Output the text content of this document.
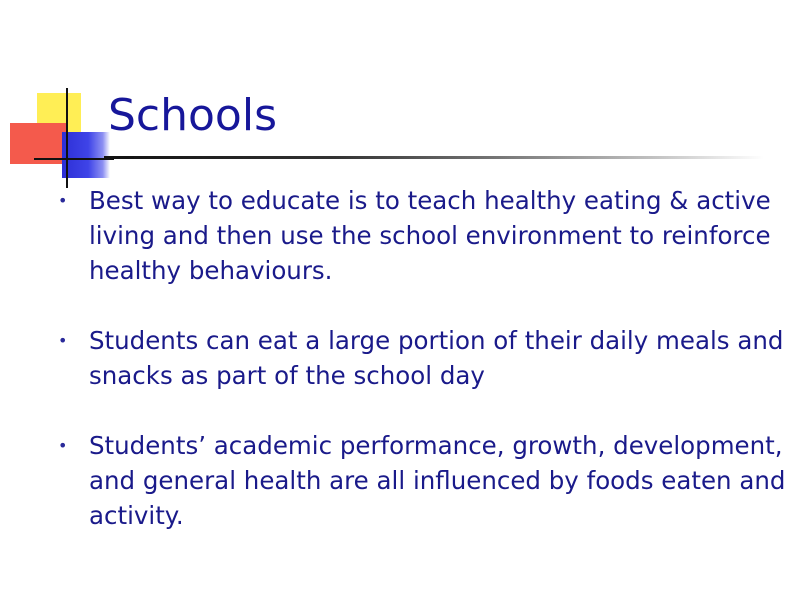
Schools
• Best way to educate is to teach healthy eating & active living and then use the school environment to reinforce healthy behaviours.
• Students can eat a large portion of their daily meals and snacks as part of the school day
• Students’ academic performance, growth, development, and general health are all influenced by foods eaten and activity.
